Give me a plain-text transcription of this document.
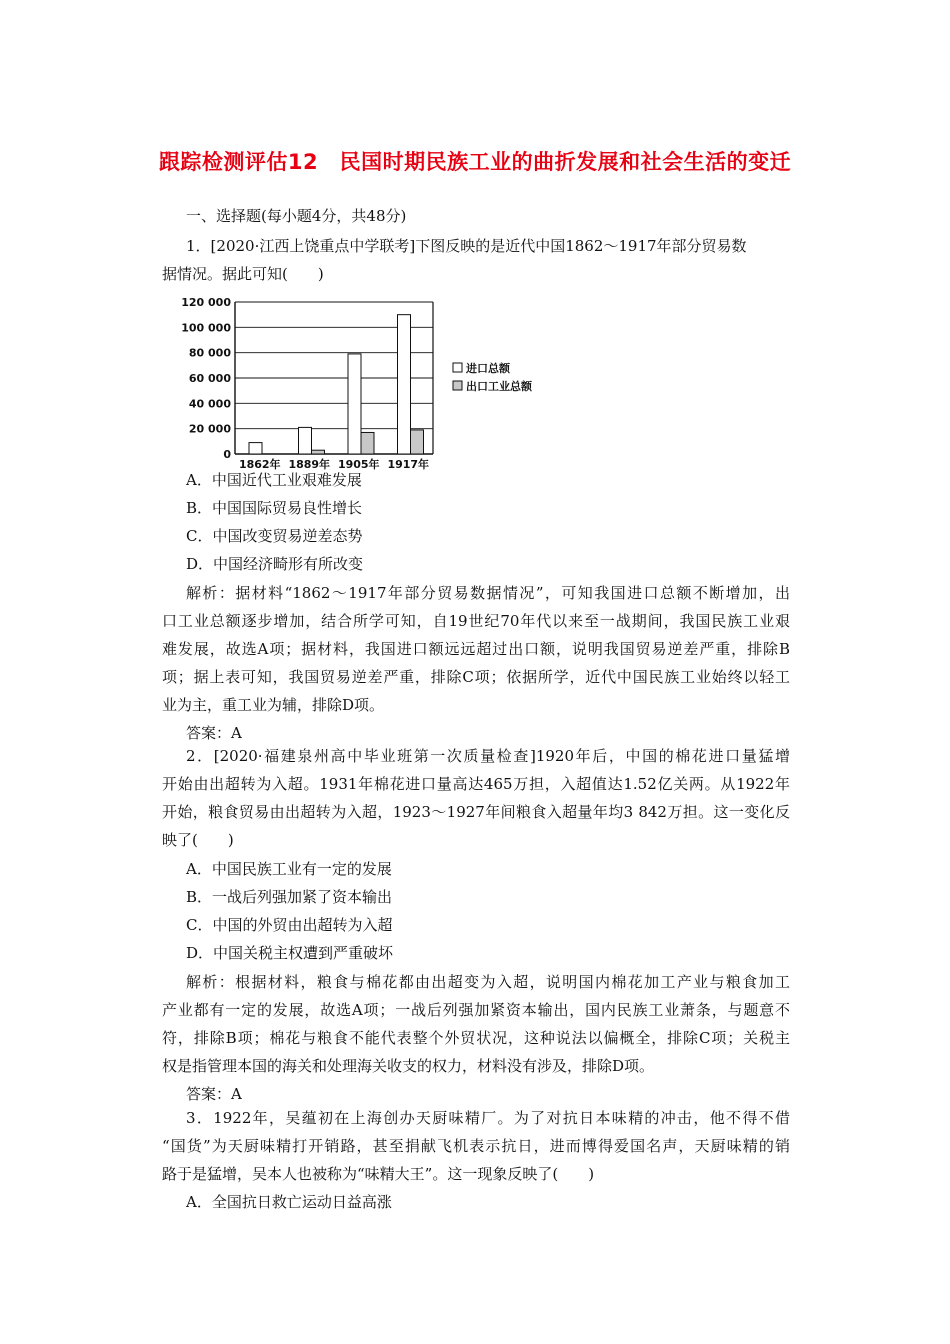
跟踪检测评估12　民国时期民族工业的曲折发展和社会生活的变迁
一、选择题(每小题4分，共48分)
1．[2020·江西上饶重点中学联考]下图反映的是近代中国1862～1917年部分贸易数
据情况。据此可知(　　)
0
20 000
40 000
60 000
80 000
100 000
120 000
1862年 1889年 1905年 1917年
进口总额
出口工业总额
A．中国近代工业艰难发展
B．中国国际贸易良性增长
C．中国改变贸易逆差态势
D．中国经济畸形有所改变
解析：据材料“1862～1917年部分贸易数据情况”，可知我国进口总额不断增加，出
口工业总额逐步增加，结合所学可知，自19世纪70年代以来至一战期间，我国民族工业艰
难发展，故选A项；据材料，我国进口额远远超过出口额，说明我国贸易逆差严重，排除B
项；据上表可知，我国贸易逆差严重，排除C项；依据所学，近代中国民族工业始终以轻工
业为主，重工业为辅，排除D项。
答案：A
2．[2020·福建泉州高中毕业班第一次质量检查]1920年后，中国的棉花进口量猛增
开始由出超转为入超。1931年棉花进口量高达465万担，入超值达1.52亿关两。从1922年
开始，粮食贸易由出超转为入超，1923～1927年间粮食入超量年均3 842万担。这一变化反
映了(　　)
A．中国民族工业有一定的发展
B．一战后列强加紧了资本输出
C．中国的外贸由出超转为入超
D．中国关税主权遭到严重破坏
解析：根据材料，粮食与棉花都由出超变为入超，说明国内棉花加工产业与粮食加工
产业都有一定的发展，故选A项；一战后列强加紧资本输出，国内民族工业萧条，与题意不
符，排除B项；棉花与粮食不能代表整个外贸状况，这种说法以偏概全，排除C项；关税主
权是指管理本国的海关和处理海关收支的权力，材料没有涉及，排除D项。
答案：A
3．1922年，吴蕴初在上海创办天厨味精厂。为了对抗日本味精的冲击，他不得不借
“国货”为天厨味精打开销路，甚至捐献飞机表示抗日，进而博得爱国名声，天厨味精的销
路于是猛增，吴本人也被称为“味精大王”。这一现象反映了(　　)
A．全国抗日救亡运动日益高涨
